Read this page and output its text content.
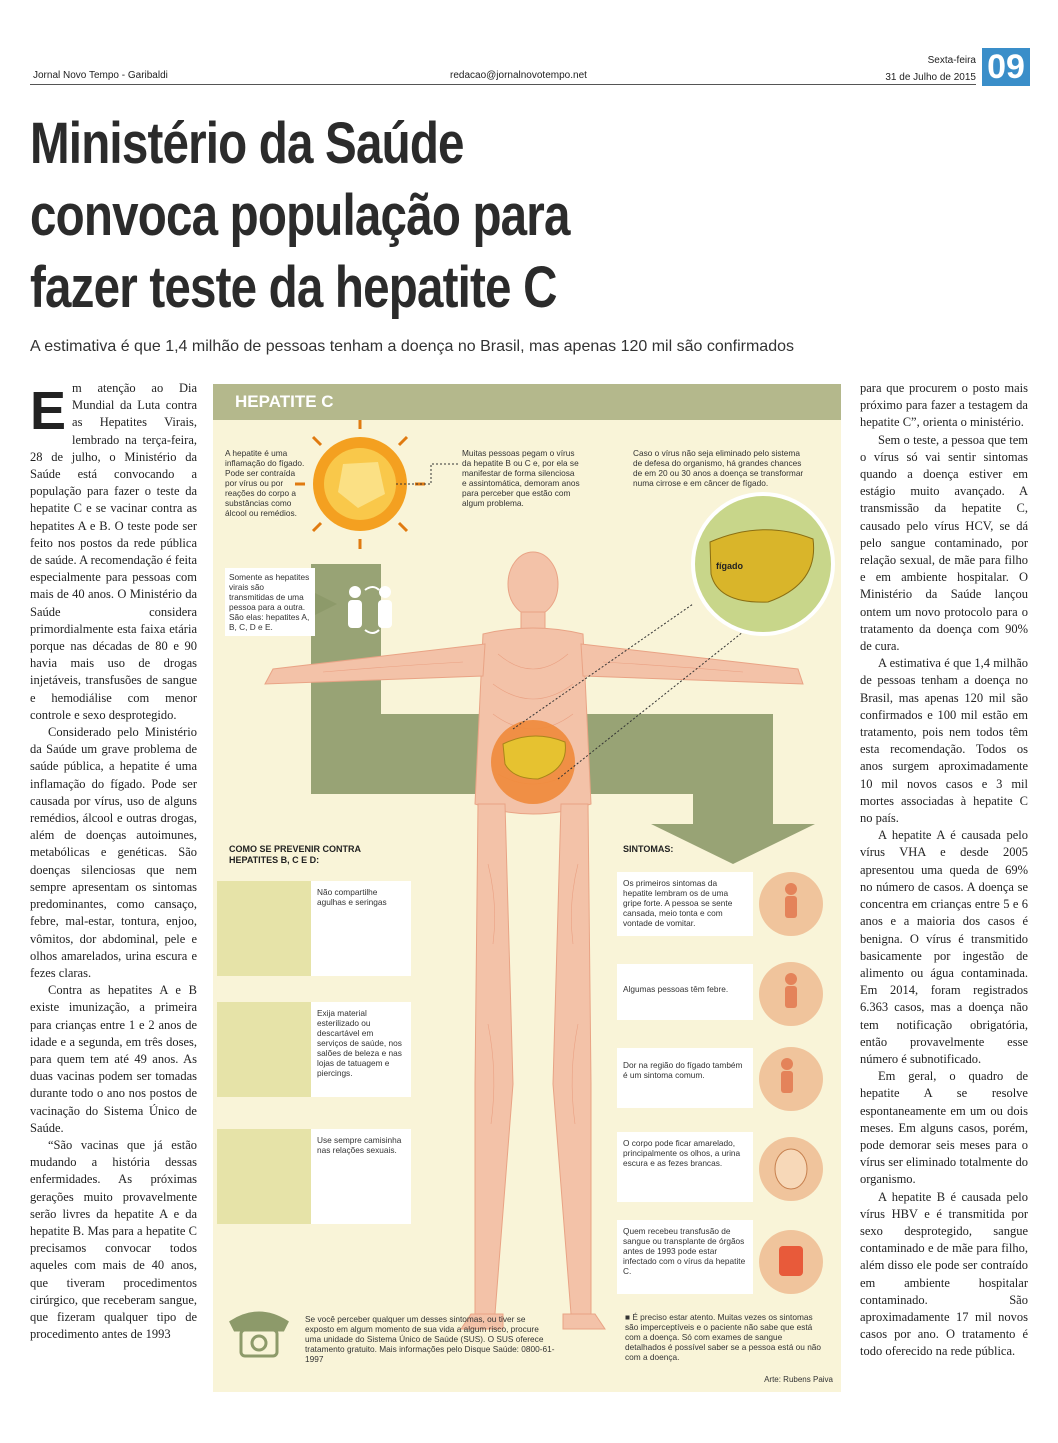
Jornal Novo Tempo - Garibaldi	redacao@jornalnovotempo.net
Sexta-feira
31 de Julho de 2015 09
Ministério da Saúde
convoca população para
fazer teste da hepatite C
A estimativa é que 1,4 milhão de pessoas tenham a doença no Brasil, mas apenas 120 mil são confirmados
E m atenção ao Dia Mundial da Luta contra as Hepatites Virais, lembrado na terça-feira, 28 de julho, o Ministério da Saúde está convocando a população para fazer o teste da hepatite C e se vacinar contra as hepatites A e B. O teste pode ser feito nos postos da rede pública de saúde. A recomendação é feita especialmente para pessoas com mais de 40 anos. O Ministério da Saúde considera primordialmente esta faixa etária porque nas décadas de 80 e 90 havia mais uso de drogas injetáveis, transfusões de sangue e hemodiálise com menor controle e sexo desprotegido.

Considerado pelo Ministério da Saúde um grave problema de saúde pública, a hepatite é uma inflamação do fígado. Pode ser causada por vírus, uso de alguns remédios, álcool e outras drogas, além de doenças autoimunes, metabólicas e genéticas. São doenças silenciosas que nem sempre apresentam os sintomas predominantes, como cansaço, febre, mal-estar, tontura, enjoo, vômitos, dor abdominal, pele e olhos amarelados, urina escura e fezes claras.

Contra as hepatites A e B existe imunização, a primeira para crianças entre 1 e 2 anos de idade e a segunda, em três doses, para quem tem até 49 anos. As duas vacinas podem ser tomadas durante todo o ano nos postos de vacinação do Sistema Único de Saúde.

“São vacinas que já estão mudando a história dessas enfermidades. As próximas gerações muito provavelmente serão livres da hepatite A e da hepatite B. Mas para a hepatite C precisamos convocar todos aqueles com mais de 40 anos, que tiveram procedimentos cirúrgico, que receberam sangue, que fizeram qualquer tipo de procedimento antes de 1993

HEPATITE C
A hepatite é uma inflamação do fígado. Pode ser contraída por vírus ou por reações do corpo a substâncias como álcool ou remédios.
Muitas pessoas pegam o vírus da hepatite B ou C e, por ela se manifestar de forma silenciosa e assintomática, demoram anos para perceber que estão com algum problema.
Caso o vírus não seja eliminado pelo sistema de defesa do organismo, há grandes chances de em 20 ou 30 anos a doença se transformar numa cirrose e em câncer de fígado.
Somente as hepatites virais são transmitidas de uma pessoa para a outra. São elas: hepatites A, B, C, D e E.
fígado
COMO SE PREVENIR CONTRA HEPATITES B, C E D:
Não compartilhe agulhas e seringas
Exija material esterilizado ou descartável em serviços de saúde, nos salões de beleza e nas lojas de tatuagem e piercings.
Use sempre camisinha nas relações sexuais.
SINTOMAS:
Os primeiros sintomas da hepatite lembram os de uma gripe forte. A pessoa se sente cansada, meio tonta e com vontade de vomitar.
Algumas pessoas têm febre.
Dor na região do fígado também é um sintoma comum.
O corpo pode ficar amarelado, principalmente os olhos, a urina escura e as fezes brancas.
Quem recebeu transfusão de sangue ou transplante de órgãos antes de 1993 pode estar infectado com o vírus da hepatite C.
Se você perceber qualquer um desses sintomas, ou tiver se exposto em algum momento de sua vida a algum risco, procure uma unidade do Sistema Único de Saúde (SUS). O SUS oferece tratamento gratuito. Mais informações pelo Disque Saúde: 0800-61-1997
■ É preciso estar atento. Muitas vezes os sintomas são imperceptíveis e o paciente não sabe que está com a doença. Só com exames de sangue detalhados é possível saber se a pessoa está ou não com a doença.
Arte: Rubens Paiva

para que procurem o posto mais próximo para fazer a testagem da hepatite C”, orienta o ministério.

Sem o teste, a pessoa que tem o vírus só vai sentir sintomas quando a doença estiver em estágio muito avançado. A transmissão da hepatite C, causado pelo vírus HCV, se dá pelo sangue contaminado, por relação sexual, de mãe para filho e em ambiente hospitalar. O Ministério da Saúde lançou ontem um novo protocolo para o tratamento da doença com 90% de cura.

A estimativa é que 1,4 milhão de pessoas tenham a doença no Brasil, mas apenas 120 mil são confirmados e 100 mil estão em tratamento, pois nem todos têm esta recomendação. Todos os anos surgem aproximadamente 10 mil novos casos e 3 mil mortes associadas à hepatite C no país.

A hepatite A é causada pelo vírus VHA e desde 2005 apresentou uma queda de 69% no número de casos. A doença se concentra em crianças entre 5 e 6 anos e a maioria dos casos é benigna. O vírus é transmitido basicamente por ingestão de alimento ou água contaminada. Em 2014, foram registrados 6.363 casos, mas a doença não tem notificação obrigatória, então provavelmente esse número é subnotificado.

Em geral, o quadro de hepatite A se resolve espontaneamente em um ou dois meses. Em alguns casos, porém, pode demorar seis meses para o vírus ser eliminado totalmente do organismo.

A hepatite B é causada pelo vírus HBV e é transmitida por sexo desprotegido, sangue contaminado e de mãe para filho, além disso ele pode ser contraído em ambiente hospitalar contaminado. São aproximadamente 17 mil novos casos por ano. O tratamento é todo oferecido na rede pública.
